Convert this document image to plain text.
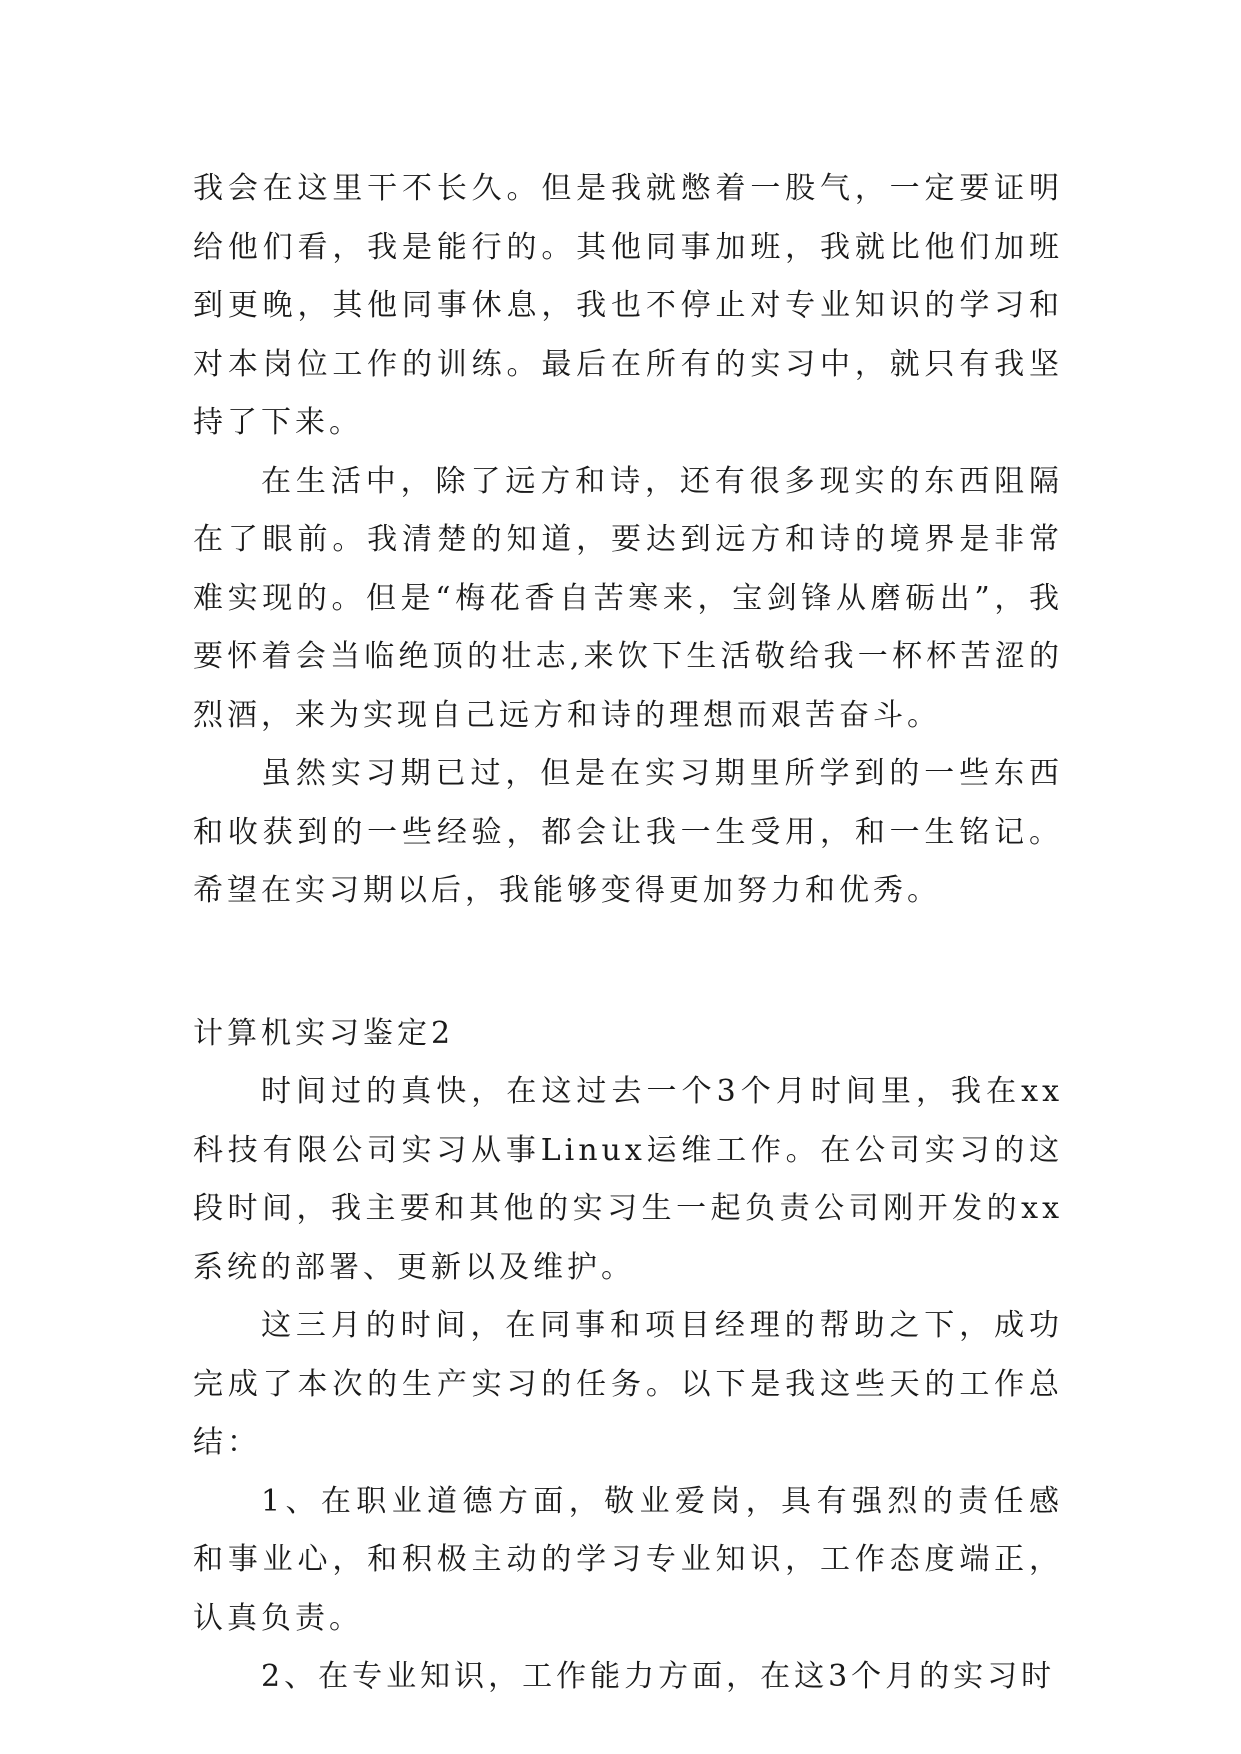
我会在这里干不长久。但是我就憋着一股气，一定要证明给他们看，我是能行的。其他同事加班，我就比他们加班到更晚，其他同事休息，我也不停止对专业知识的学习和对本岗位工作的训练。最后在所有的实习中，就只有我坚持了下来。

在生活中，除了远方和诗，还有很多现实的东西阻隔在了眼前。我清楚的知道，要达到远方和诗的境界是非常难实现的。但是“梅花香自苦寒来，宝剑锋从磨砺出”，我要怀着会当临绝顶的壮志,来饮下生活敬给我一杯杯苦涩的烈酒，来为实现自己远方和诗的理想而艰苦奋斗。

虽然实习期已过，但是在实习期里所学到的一些东西和收获到的一些经验，都会让我一生受用，和一生铭记。希望在实习期以后，我能够变得更加努力和优秀。

计算机实习鉴定2

时间过的真快，在这过去一个3个月时间里，我在xx科技有限公司实习从事Linux运维工作。在公司实习的这段时间，我主要和其他的实习生一起负责公司刚开发的xx系统的部署、更新以及维护。

这三月的时间，在同事和项目经理的帮助之下，成功完成了本次的生产实习的任务。以下是我这些天的工作总结：

1、在职业道德方面，敬业爱岗，具有强烈的责任感和事业心，和积极主动的学习专业知识，工作态度端正，认真负责。

2、在专业知识，工作能力方面，在这3个月的实习时
